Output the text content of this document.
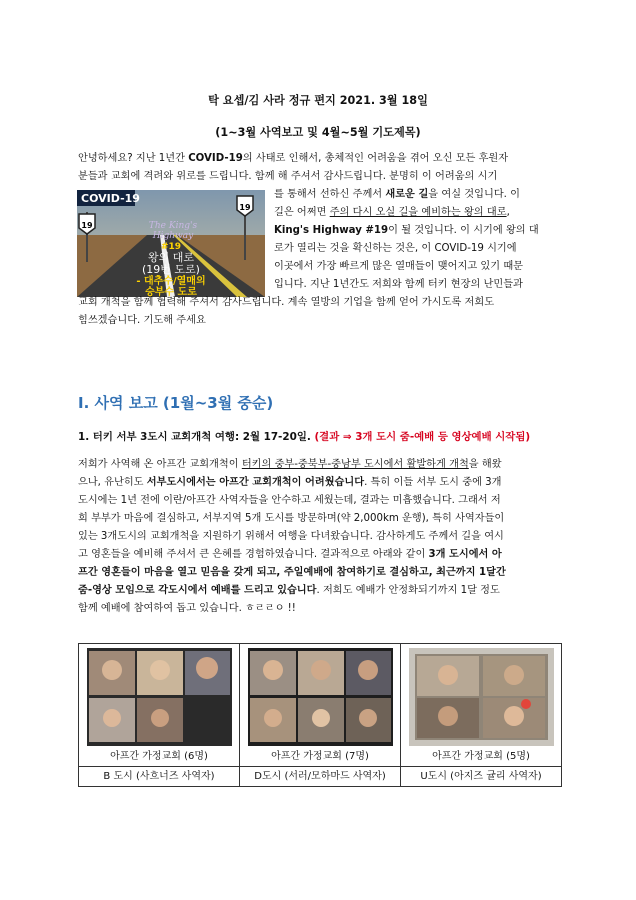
탁 요셉/김 사라 정규 편지 2021. 3월 18일
(1~3월 사역보고 및 4월~5월 기도제목)
안녕하세요? 지난 1년간 COVID-19의 사태로 인해서, 총체적인 어려움을 겪어 오신 모든 후원자
분들과 교회에 격려와 위로를 드립니다. 함께 해 주셔서 감사드립니다. 분명히 이 어려움의 시기
COVID-19
19
19
The King's
Highway
#19
왕의 대로
(19번 도로)
- 대추수/열매의
승부수 도로
를 통해서 선하신 주께서 새로운 길을 여실 것입니다. 이
길은 어쩌면 주의 다시 오실 길을 예비하는 왕의 대로,
King's Highway #19이 될 것입니다. 이 시기에 왕의 대
로가 열리는 것을 확신하는 것은, 이 COVID-19 시기에
이곳에서 가장 빠르게 많은 열매들이 맺어지고 있기 때문
입니다. 지난 1년간도 저희와 함께 터키 현장의 난민들과
교회 개척을 함께 협력해 주셔서 감사드립니다. 계속 열방의 기업을 함께 얻어 가시도록 저희도
힘쓰겠습니다. 기도해 주세요
I. 사역 보고 (1월~3월 중순)
1. 터키 서부 3도시 교회개척 여행: 2월 17-20일. (결과 ⇒ 3개 도시 줌-예배 등 영상예배 시작됨)
저희가 사역해 온 아프간 교회개척이 터키의 중부-중북부-중남부 도시에서 활발하게 개척을 해왔
으나, 유난히도 서부도시에서는 아프간 교회개척이 어려웠습니다. 특히 이들 서부 도시 중에 3개
도시에는 1년 전에 이란/아프간 사역자들을 안수하고 세웠는데, 결과는 미흡했습니다. 그래서 저
희 부부가 마음에 결심하고, 서부지역 5개 도시를 방문하며(약 2,000km 운행), 특히 사역자들이
있는 3개도시의 교회개척을 지원하기 위해서 여행을 다녀왔습니다. 감사하게도 주께서 길을 여시
고 영혼들을 예비해 주셔서 큰 은혜를 경험하였습니다. 결과적으로 아래와 같이 3개 도시에서 아
프간 영혼들이 마음을 열고 믿음을 갖게 되고, 주일예배에 참여하기로 결심하고, 최근까지 1달간
줌-영상 모임으로 각도시에서 예배를 드리고 있습니다. 저희도 예배가 안정화되기까지 1달 정도
함께 예배에 참여하여 돕고 있습니다. ㅎㄹㄹㅇ !!
아프간 가정교회 (6명)	아프간 가정교회 (7명)	아프간 가정교회 (5명)

B 도시 (사흐너즈 사역자)	D도시 (서러/모하마드 사역자)	U도시 (아지즈 귤리 사역자)
